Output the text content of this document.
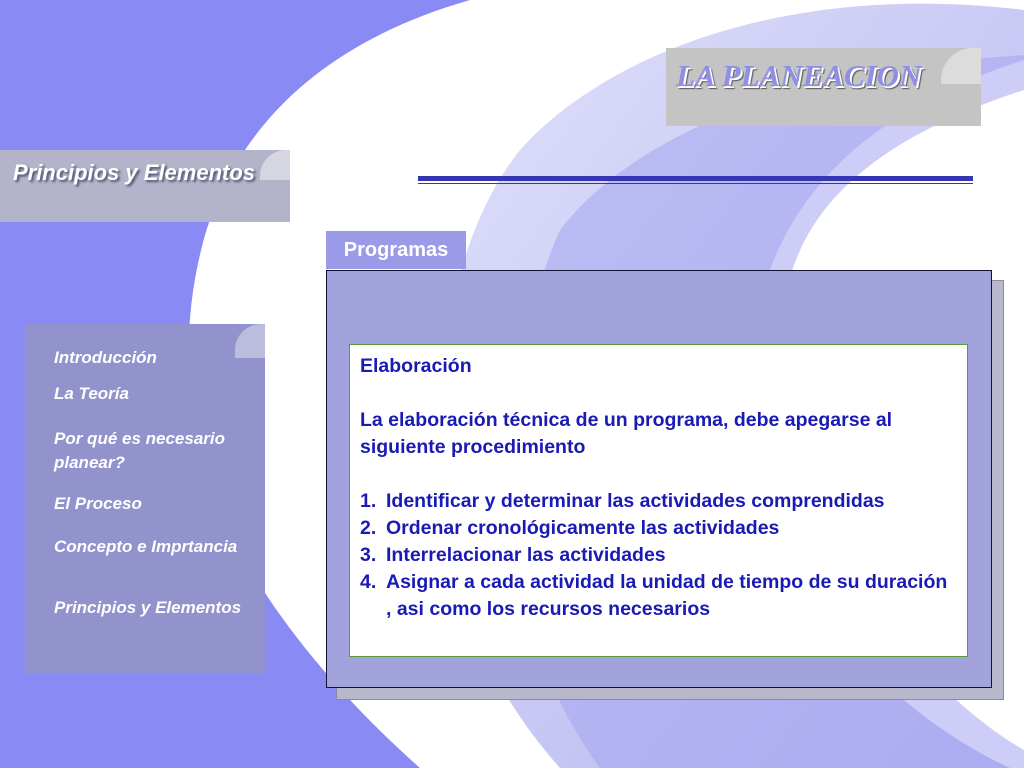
LA PLANEACION
Principios y Elementos
Programas

Elaboración

La elaboración técnica de un programa, debe apegarse al siguiente procedimiento

1. Identificar y determinar las actividades comprendidas
2. Ordenar cronológicamente las actividades
3. Interrelacionar las actividades
4. Asignar a cada actividad la unidad de tiempo de su duración , asi como los recursos necesarios
Introducción
La Teoría
Por qué es necesario planear?
El Proceso
Concepto e Imprtancia
Principios y Elementos
